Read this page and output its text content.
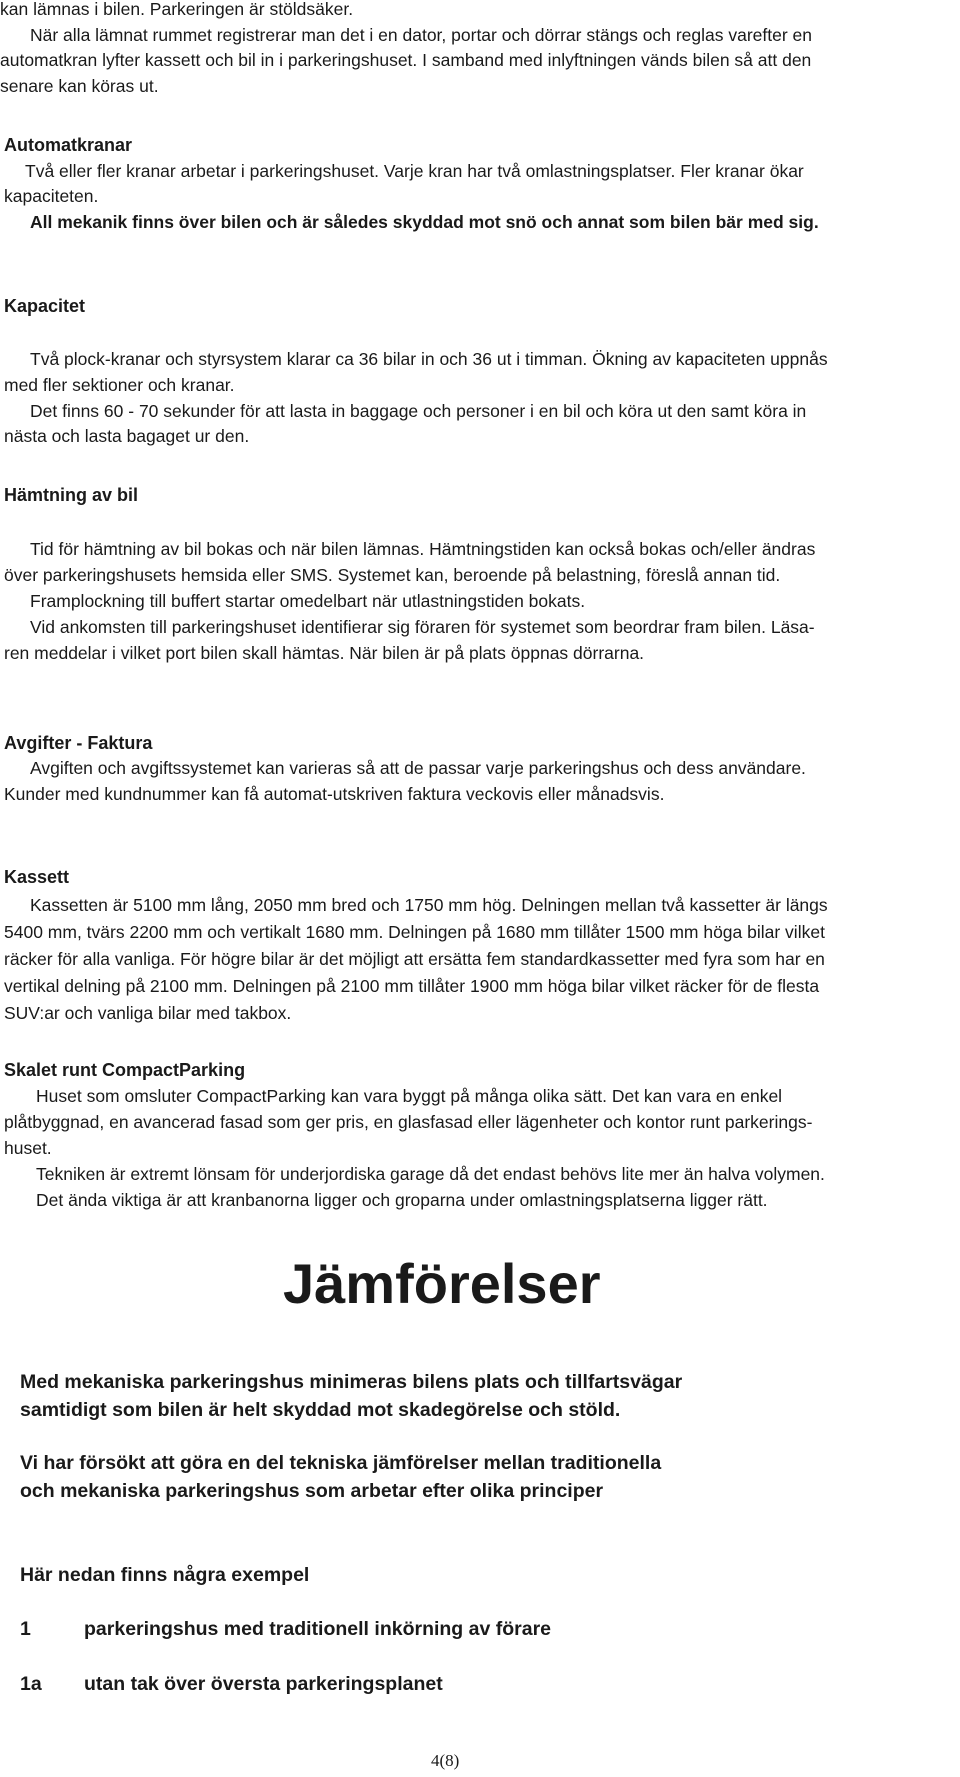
kan lämnas i bilen. Parkeringen är stöldsäker.
När alla lämnat rummet registrerar man det i en dator, portar och dörrar stängs och reglas varefter en
automatkran lyfter kassett och bil in i parkeringshuset. I samband med inlyftningen vänds bilen så att den
senare kan köras ut.
Automatkranar
Två eller fler kranar arbetar i parkeringshuset. Varje kran har två omlastningsplatser. Fler kranar ökar
kapaciteten.
All mekanik finns över bilen och är således skyddad mot snö och annat som bilen bär med sig.
Kapacitet
Två plock-kranar och styrsystem klarar ca 36 bilar in och 36 ut i timman. Ökning av kapaciteten uppnås
med fler sektioner och kranar.
Det finns 60 - 70 sekunder för att lasta in baggage och personer i en bil och köra ut den samt köra in
nästa och lasta bagaget ur den.
Hämtning av bil
Tid för hämtning av bil bokas och när bilen lämnas. Hämtningstiden kan också bokas och/eller ändras
över parkeringshusets hemsida eller SMS. Systemet kan, beroende på belastning, föreslå annan tid.
Framplockning till buffert startar omedelbart när utlastningstiden bokats.
Vid ankomsten till parkeringshuset identifierar sig föraren för systemet som beordrar fram bilen. Läsa-
ren meddelar i vilket port bilen skall hämtas. När bilen är på plats öppnas dörrarna.
Avgifter - Faktura
Avgiften och avgiftssystemet kan varieras så att de passar varje parkeringshus och dess användare.
Kunder med kundnummer kan få automat-utskriven faktura veckovis eller månadsvis.
Kassett
Kassetten är 5100 mm lång, 2050 mm bred och 1750 mm hög. Delningen mellan två kassetter är längs
5400 mm, tvärs 2200 mm och vertikalt 1680 mm. Delningen på 1680 mm tillåter 1500 mm höga bilar vilket
räcker för alla vanliga. För högre bilar är det möjligt att ersätta fem standardkassetter med fyra som har en
vertikal delning på 2100 mm. Delningen på 2100 mm tillåter 1900 mm höga bilar vilket räcker för de flesta
SUV:ar och vanliga bilar med takbox.
Skalet runt CompactParking
Huset som omsluter CompactParking kan vara byggt på många olika sätt. Det kan vara en enkel
plåtbyggnad, en avancerad fasad som ger pris, en glasfasad eller lägenheter och kontor runt parkerings-
huset.
Tekniken är extremt lönsam för underjordiska garage då det endast behövs lite mer än halva volymen.
Det ända viktiga är att kranbanorna ligger och groparna under omlastningsplatserna ligger rätt.
Jämförelser
Med mekaniska parkeringshus minimeras bilens plats och tillfartsvägar
samtidigt som bilen är helt skyddad mot skadegörelse och stöld.
Vi har försökt att göra en del tekniska jämförelser mellan traditionella
och mekaniska parkeringshus som arbetar efter olika principer
Här nedan finns några exempel
1	parkeringshus med traditionell inkörning av förare
1a utan tak över översta parkeringsplanet
4(8)
